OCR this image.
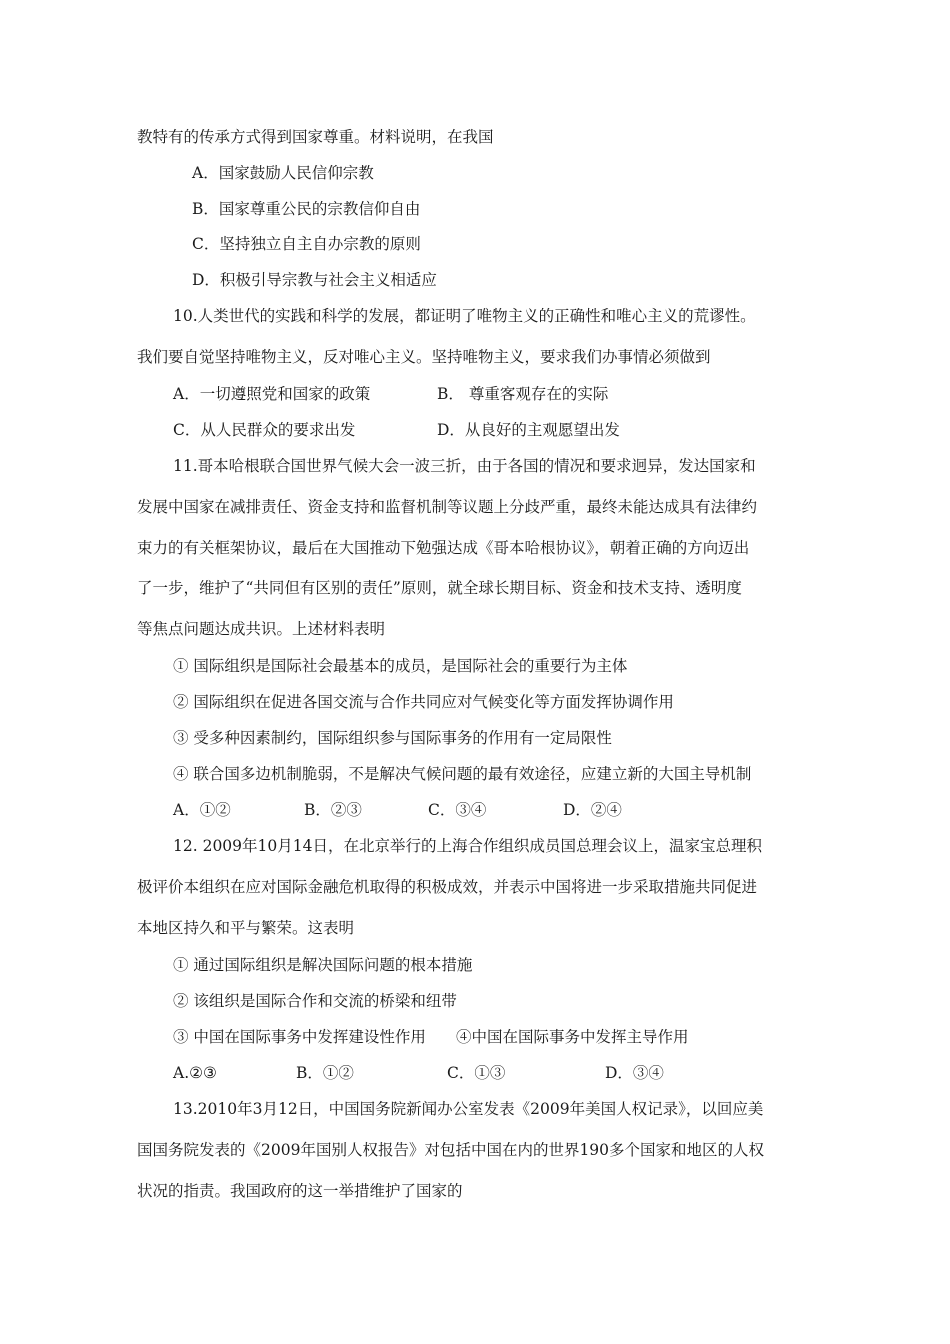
教特有的传承方式得到国家尊重。材料说明，在我国
A．国家鼓励人民信仰宗教
B．国家尊重公民的宗教信仰自由
C．坚持独立自主自办宗教的原则
D．积极引导宗教与社会主义相适应
10.人类世代的实践和科学的发展，都证明了唯物主义的正确性和唯心主义的荒谬性。
我们要自觉坚持唯物主义，反对唯心主义。坚持唯物主义，要求我们办事情必须做到
A．一切遵照党和国家的政策	B． 尊重客观存在的实际
C．从人民群众的要求出发	D．从良好的主观愿望出发
11.哥本哈根联合国世界气候大会一波三折，由于各国的情况和要求迥异，发达国家和
发展中国家在减排责任、资金支持和监督机制等议题上分歧严重，最终未能达成具有法律约
束力的有关框架协议，最后在大国推动下勉强达成《哥本哈根协议》，朝着正确的方向迈出
了一步，维护了“共同但有区别的责任”原则，就全球长期目标、资金和技术支持、透明度
等焦点问题达成共识。上述材料表明
① 国际组织是国际社会最基本的成员，是国际社会的重要行为主体
② 国际组织在促进各国交流与合作共同应对气候变化等方面发挥协调作用
③ 受多种因素制约，国际组织参与国际事务的作用有一定局限性
④ 联合国多边机制脆弱，不是解决气候问题的最有效途径，应建立新的大国主导机制
A．①②	B．②③	C．③④	D．②④
12. 2009年10月14日，在北京举行的上海合作组织成员国总理会议上，温家宝总理积
极评价本组织在应对国际金融危机取得的积极成效，并表示中国将进一步采取措施共同促进
本地区持久和平与繁荣。这表明
① 通过国际组织是解决国际问题的根本措施
② 该组织是国际合作和交流的桥梁和纽带
③ 中国在国际事务中发挥建设性作用 ④中国在国际事务中发挥主导作用
A.②③	B．①②	C．①③	D．③④
13.2010年3月12日，中国国务院新闻办公室发表《2009年美国人权记录》，以回应美
国国务院发表的《2009年国别人权报告》对包括中国在内的世界190多个国家和地区的人权
状况的指责。我国政府的这一举措维护了国家的
